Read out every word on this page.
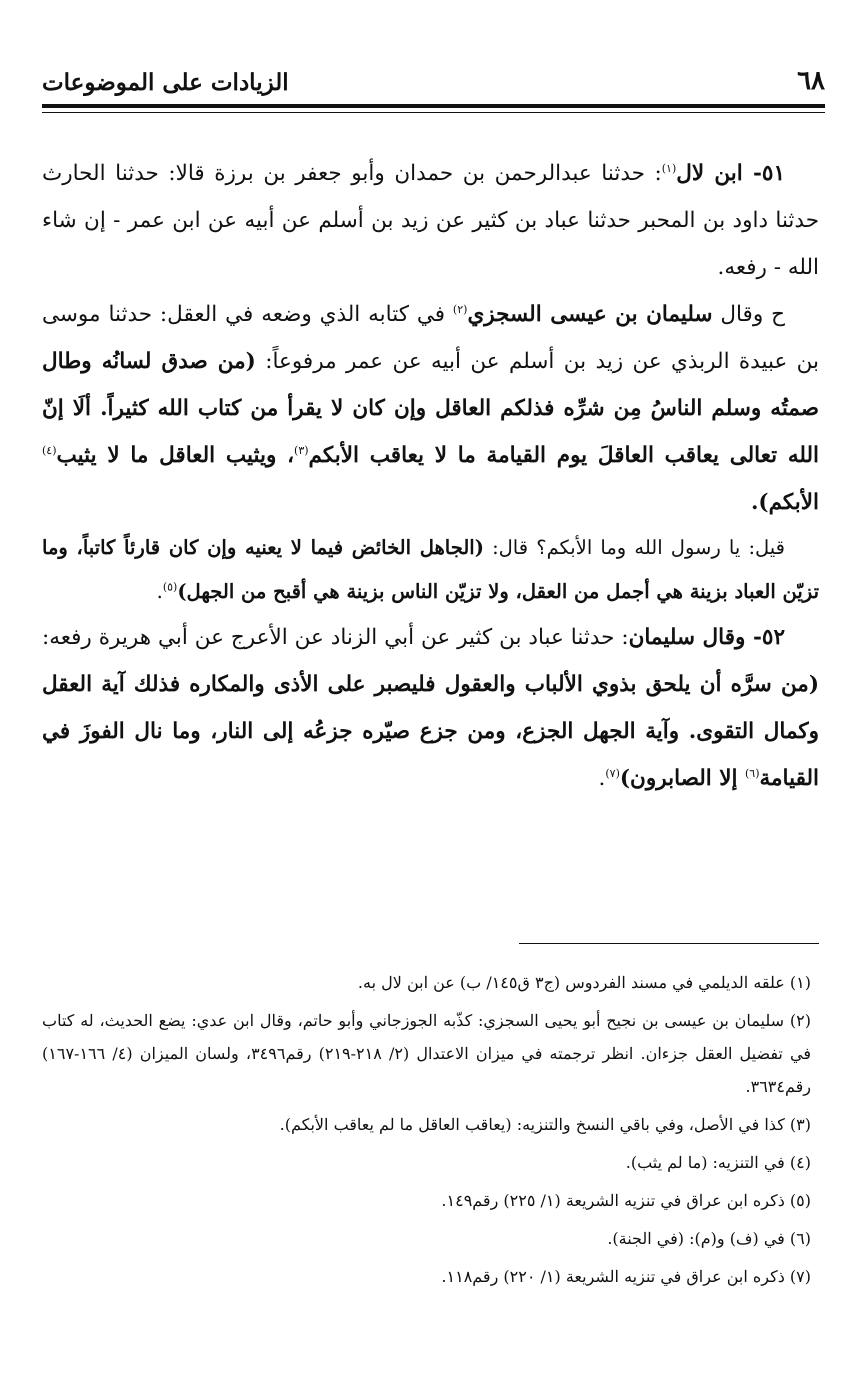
٦٨
الزيادات على الموضوعات

٥١- ابن لال$^{(١)}$: حدثنا عبدالرحمن بن حمدان وأبو جعفر بن برزة قالا: حدثنا الحارث حدثنا داود بن المحبر حدثنا عباد بن كثير عن زيد بن أسلم عن أبيه عن ابن عمر - إن شاء الله - رفعه.

ح وقال سليمان بن عيسى السجزي$^{(٢)}$ في كتابه الذي وضعه في العقل: حدثنا موسى بن عبيدة الربذي عن زيد بن أسلم عن أبيه عن عمر مرفوعاً: (من صدق لسانُه وطال صمتُه وسلم الناسُ مِن شرِّه فذلكم العاقل وإن كان لا يقرأ من كتاب الله كثيراً. ألَا إنّ الله تعالى يعاقب العاقلَ يوم القيامة ما لا يعاقب الأبكم$^{(٣)}$، ويثيب العاقل ما لا يثيب$^{(٤)}$ الأبكم).

قيل: يا رسول الله وما الأبكم؟ قال: (الجاهل الخائض فيما لا يعنيه وإن كان قارئاً كاتباً، وما تزيّن العباد بزينة هي أجمل من العقل، ولا تزيّن الناس بزينة هي أقبح من الجهل)$^{(٥)}$.

٥٢- وقال سليمان: حدثنا عباد بن كثير عن أبي الزناد عن الأعرج عن أبي هريرة رفعه: (من سرَّه أن يلحق بذوي الألباب والعقول فليصبر على الأذى والمكاره فذلك آية العقل وكمال التقوى. وآية الجهل الجزع، ومن جزع صيّره جزعُه إلى النار، وما نال الفوزَ في القيامة$^{(٦)}$ إلا الصابرون)$^{(٧)}$.

(١) علقه الديلمي في مسند الفردوس (ج٣ ق١٤٥/ ب) عن ابن لال به.

(٢) سليمان بن عيسى بن نجيح أبو يحيى السجزي: كذّبه الجوزجاني وأبو حاتم، وقال ابن عدي: يضع الحديث، له كتاب في تفضيل العقل جزءان. انظر ترجمته في ميزان الاعتدال (٢/ ٢١٨-٢١٩) رقم٣٤٩٦، ولسان الميزان (٤/ ١٦٦-١٦٧) رقم٣٦٣٤.

(٣) كذا في الأصل، وفي باقي النسخ والتنزيه: (يعاقب العاقل ما لم يعاقب الأبكم).

(٤) في التنزيه: (ما لم يثب).

(٥) ذكره ابن عراق في تنزيه الشريعة (١/ ٢٢٥) رقم١٤٩.

(٦) في (ف) و(م): (في الجنة).

(٧) ذكره ابن عراق في تنزيه الشريعة (١/ ٢٢٠) رقم١١٨.
